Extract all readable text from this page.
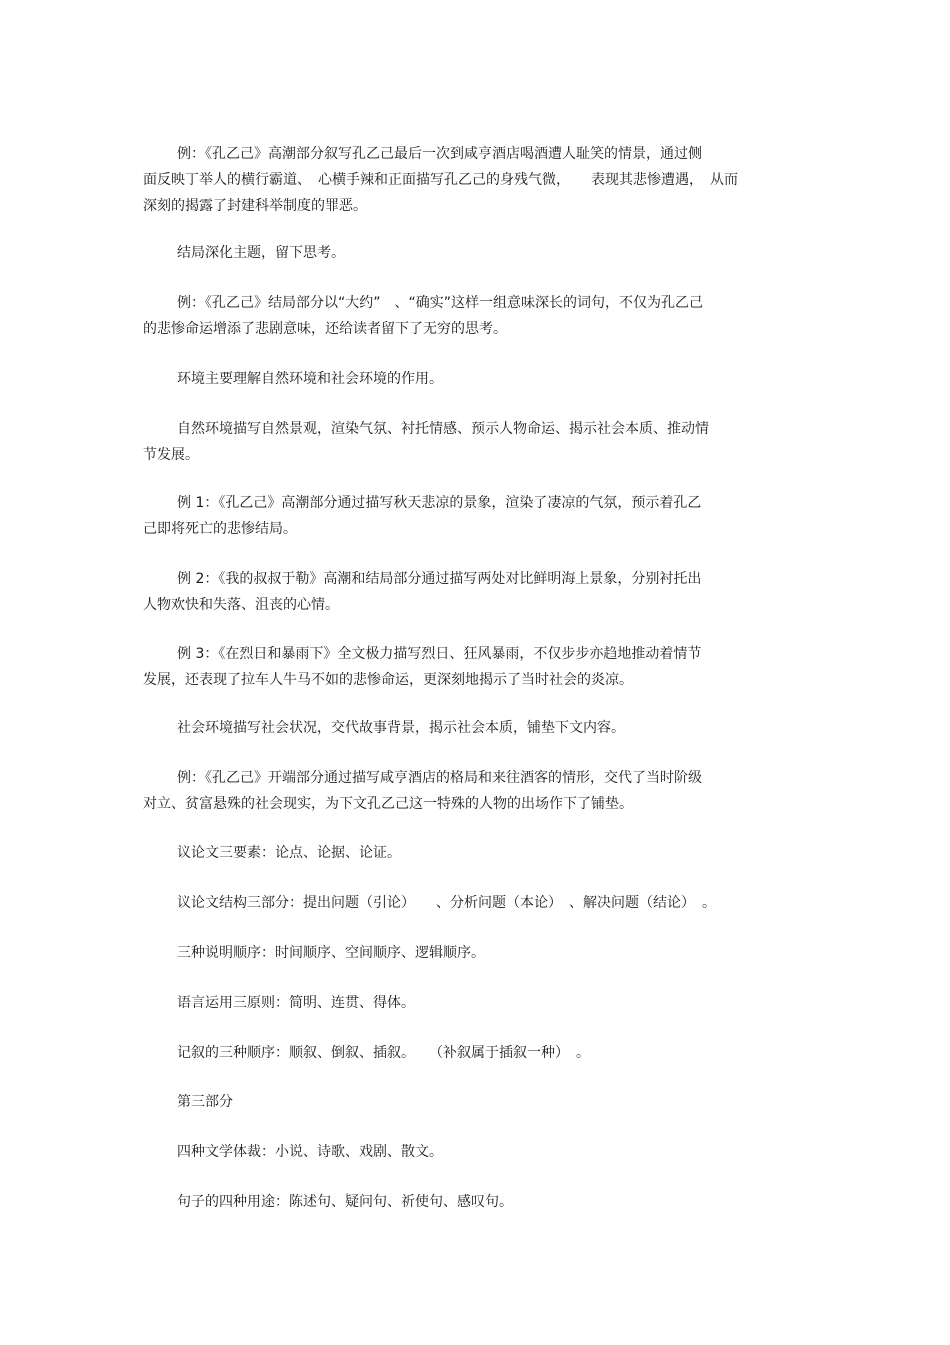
例：《孔乙己》高潮部分叙写孔乙己最后一次到咸亨酒店喝酒遭人耻笑的情景，通过侧
面反映丁举人的横行霸道、　心横手辣和正面描写孔乙己的身残气微，　　表现其悲惨遭遇，　从而
深刻的揭露了封建科举制度的罪恶。

结局深化主题，留下思考。

例：《孔乙己》结局部分以“大约”　、“确实”这样一组意味深长的词句，不仅为孔乙己
的悲惨命运增添了悲剧意味，还给读者留下了无穷的思考。

环境主要理解自然环境和社会环境的作用。

自然环境描写自然景观，渲染气氛、衬托情感、预示人物命运、揭示社会本质、推动情
节发展。

例 1：《孔乙己》高潮部分通过描写秋天悲凉的景象，渲染了凄凉的气氛，预示着孔乙
己即将死亡的悲惨结局。

例 2：《我的叔叔于勒》高潮和结局部分通过描写两处对比鲜明海上景象，分别衬托出
人物欢快和失落、沮丧的心情。

例 3：《在烈日和暴雨下》全文极力描写烈日、狂风暴雨，不仅步步亦趋地推动着情节
发展，还表现了拉车人牛马不如的悲惨命运，更深刻地揭示了当时社会的炎凉。

社会环境描写社会状况，交代故事背景，揭示社会本质，铺垫下文内容。

例：《孔乙己》开端部分通过描写咸亨酒店的格局和来往酒客的情形，交代了当时阶级
对立、贫富悬殊的社会现实，为下文孔乙己这一特殊的人物的出场作下了铺垫。

议论文三要素：论点、论据、论证。

议论文结构三部分：提出问题（引论）　　、分析问题（本论）　、解决问题（结论）　。

三种说明顺序：时间顺序、空间顺序、逻辑顺序。

语言运用三原则：简明、连贯、得体。

记叙的三种顺序：顺叙、倒叙、插叙。　　（补叙属于插叙一种）　。

第三部分

四种文学体裁：小说、诗歌、戏剧、散文。

句子的四种用途：陈述句、疑问句、祈使句、感叹句。
